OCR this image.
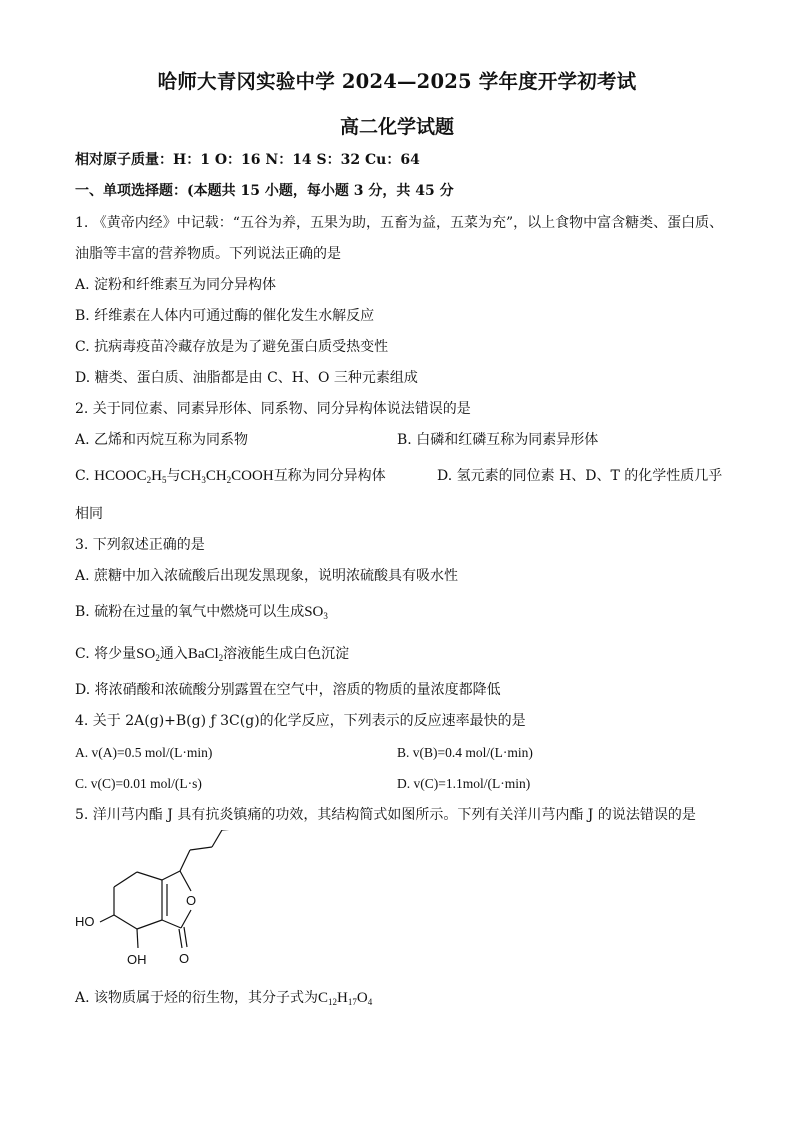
哈师大青冈实验中学 2024—2025 学年度开学初考试
高二化学试题
相对原子质量：H：1 O：16 N：14 S：32 Cu：64
一、单项选择题：(本题共 15 小题，每小题 3 分，共 45 分
1. 《黄帝内经》中记载：“五谷为养，五果为助，五畜为益，五菜为充”，以上食物中富含糖类、蛋白质、
油脂等丰富的营养物质。下列说法正确的是
A. 淀粉和纤维素互为同分异构体
B. 纤维素在人体内可通过酶的催化发生水解反应
C. 抗病毒疫苗冷藏存放是为了避免蛋白质受热变性
D. 糖类、蛋白质、油脂都是由 C、H、O 三种元素组成
2. 关于同位素、同素异形体、同系物、同分异构体说法错误的是
A. 乙烯和丙烷互称为同系物	B. 白磷和红磷互称为同素异形体
C. $HCOOC_2H_5$与$CH_3CH_2COOH$互称为同分异构体	D. 氢元素的同位素 H、D、T 的化学性质几乎
相同
3. 下列叙述正确的是
A. 蔗糖中加入浓硫酸后出现发黑现象，说明浓硫酸具有吸水性
B. 硫粉在过量的氧气中燃烧可以生成$SO_3$
C. 将少量$SO_2$通入BaCl$_2$溶液能生成白色沉淀
D. 将浓硝酸和浓硫酸分别露置在空气中，溶质的物质的量浓度都降低
4. 关于 2A(g)+B(g) ƒ 3C(g)的化学反应，下列表示的反应速率最快的是
A. v(A)=0.5 mol/(L·min)	B. v(B)=0.4 mol/(L·min)
C. v(C)=0.01 mol/(L·s)	D. v(C)=1.1mol/(L·min)
5. 洋川芎内酯 J 具有抗炎镇痛的功效，其结构简式如图所示。下列有关洋川芎内酯 J 的说法错误的是
O
O
HO
OH
A. 该物质属于烃的衍生物，其分子式为$C_{12}H_{17}O_4$
